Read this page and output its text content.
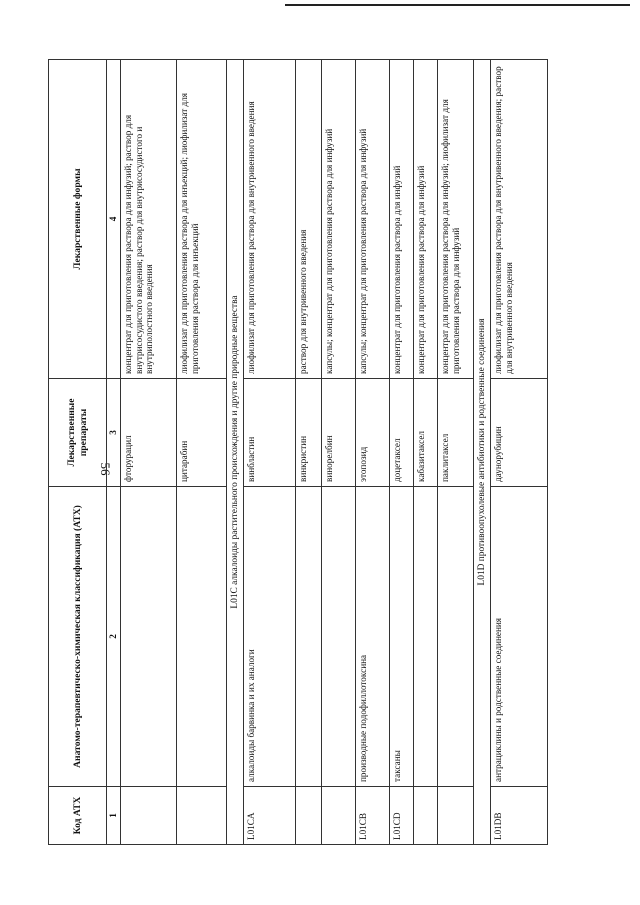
56
Код АТХ	Анатомо-терапевтическо-химическая классификация (АТХ)	Лекарственные препараты	Лекарственные формы
1	2	3	4
		фторурацил	концентрат для приготовления раствора для инфузий; раствор для внутрисосудистого введения; раствор для внутрисосудистого и внутриполостного введения
		цитарабин	лиофилизат для приготовления раствора для инъекций; лиофилизат для приготовления раствора для инъекций
L01C алкалоиды растительного происхождения и другие природные вещества			
L01CA	алкалоиды барвинка и их аналоги	винбластин	лиофилизат для приготовления раствора для внутривенного введения
		винкристин	раствор для внутривенного введения
		винорелбин	капсулы; концентрат для приготовления раствора для инфузий
L01CB	производные подофиллотоксина	этопозид	капсулы; концентрат для приготовления раствора для инфузий
L01CD	таксаны	доцетаксел	концентрат для приготовления раствора для инфузий
		кабазитаксел	концентрат для приготовления раствора для инфузий
		паклитаксел	концентрат для приготовления раствора для инфузий; лиофилизат для приготовления раствора для инфузий
L01D противоопухолевые антибиотики и родственные соединения			
L01DB	антрациклины и родственные соединения	даунорубицин	лиофилизат для приготовления раствора для внутривенного введения; раствор для внутривенного введения
